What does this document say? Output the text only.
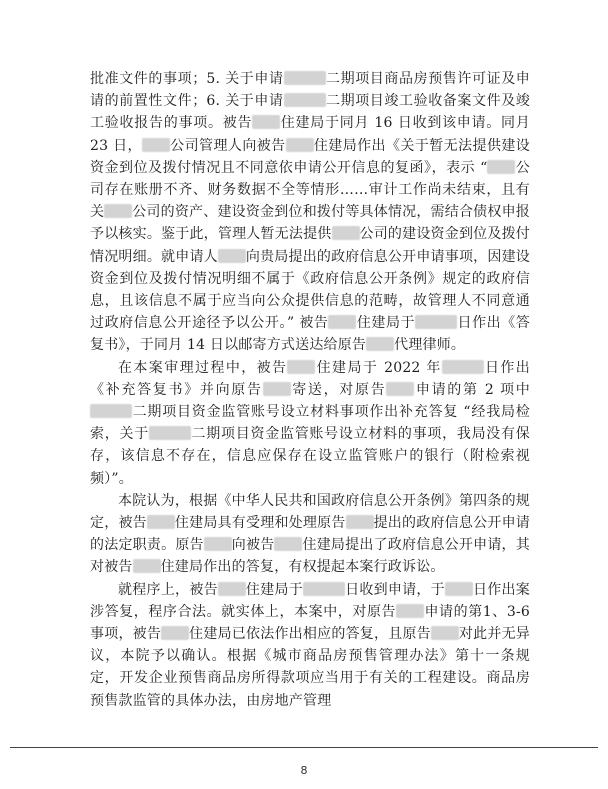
批准文件的事项；5. 关于申请	二期项目商品房预售许可证及申请的前置性文件；6. 关于申请	二期项目竣工验收备案文件及竣工验收报告的事项。被告 住建局于同月 16 日收到该申请。同月 23 日， 公司管理人向被告 住建局作出《关于暂无法提供建设资金到位及拨付情况且不同意依申请公开信息的复函》，表示 “ 公司存在账册不齐、财务数据不全等情形……审计工作尚未结束，且有关 公司的资产、建设资金到位和拨付等具体情况，需结合债权申报予以核实。鉴于此，管理人暂无法提供 公司的建设资金到位及拨付情况明细。就申请人 向贵局提出的政府信息公开申请事项，因建设资金到位及拨付情况明细不属于《政府信息公开条例》规定的政府信息，且该信息不属于应当向公众提供信息的范畴，故管理人不同意通过政府信息公开途径予以公开。” 被告 住建局于	日作出《答复书》，于同月 14 日以邮寄方式送达给原告 代理律师。

在本案审理过程中，被告 住建局于 2022 年	日作出《补充答复书》并向原告 寄送，对原告 申请的第 2 项中二期项目资金监管账号设立材料事项作出补充答复 “经我局检索，关于	二期项目资金监管账号设立材料的事项，我局没有保存，该信息不存在，信息应保存在设立监管账户的银行（附检索视频）”。

本院认为，根据《中华人民共和国政府信息公开条例》第四条的规定，被告 住建局具有受理和处理原告 提出的政府信息公开申请的法定职责。原告 向被告 住建局提出了政府信息公开申请，其对被告 住建局作出的答复，有权提起本案行政诉讼。

就程序上，被告 住建局于	日收到申请，于 日作出案涉答复，程序合法。就实体上，本案中，对原告 申请的第1、3-6事项，被告 住建局已依法作出相应的答复，且原告 对此并无异议，本院予以确认。根据《城市商品房预售管理办法》第十一条规定，开发企业预售商品房所得款项应当用于有关的工程建设。商品房预售款监管的具体办法，由房地产管理

8
